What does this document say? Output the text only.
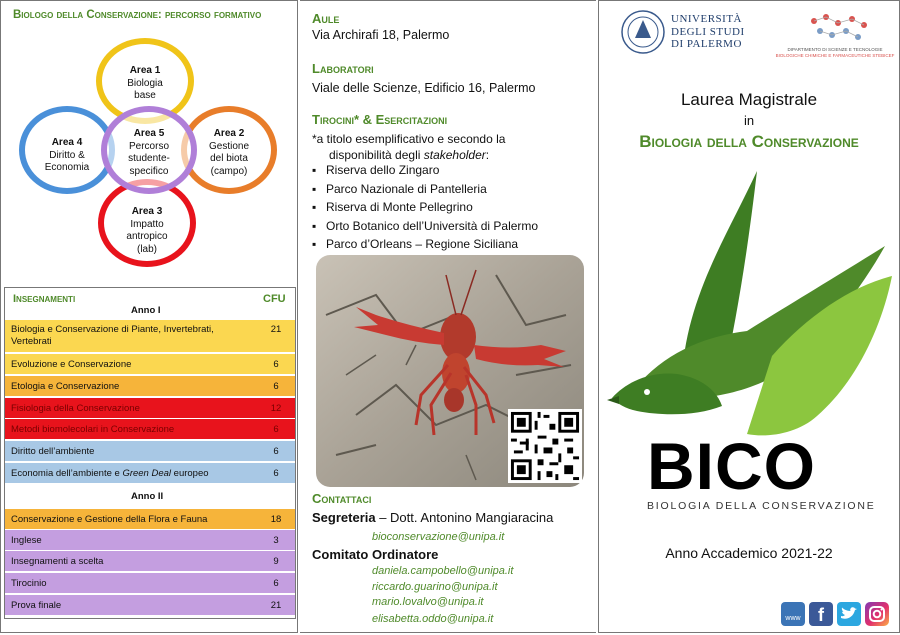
Biologo della Conservazione: percorso formativo
Area 1
Biologia
base
Area 2
Gestione
del biota
(campo)
Area 3
Impatto
antropico
(lab)
Area 4
Diritto &
Economia
Area 5
Percorso
studente-
specifico
Insegnamenti	CFU
Anno I
Biologia e Conservazione di Piante, Invertebrati, Vertebrati
21
Evoluzione e Conservazione	6
Etologia e Conservazione	6
Fisiologia della Conservazione	12
Metodi biomolecolari in Conservazione	6
Diritto dell’ambiente	6
Economia dell’ambiente e Green Deal europeo	6
Anno II
Conservazione e Gestione della Flora e Fauna	18
Inglese	3
Insegnamenti a scelta	9
Tirocinio	6
Prova finale	21
Aule
Via Archirafi 18, Palermo
Laboratori
Viale delle Scienze, Edificio 16, Palermo
Tirocini* & Esercitazioni
*a titolo esemplificativo e secondo la
disponibilità degli stakeholder:
▪ Riserva dello Zingaro
▪ Parco Nazionale di Pantelleria
▪ Riserva di Monte Pellegrino
▪ Orto Botanico dell’Università di Palermo
▪ Parco d’Orleans – Regione Siciliana
Contattaci
Segreteria – Dott. Antonino Mangiaracina
bioconservazione@unipa.it
Comitato Ordinatore
daniela.campobello@unipa.it
riccardo.guarino@unipa.it
mario.lovalvo@unipa.it
elisabetta.oddo@unipa.it
UNIVERSITÀ
DEGLI STUDI
DI PALERMO	DIPARTIMENTO DI SCIENZE E TECNOLOGIE
BIOLOGICHE CHIMICHE E FARMACEUTICHE STEBICEF
Laurea Magistrale
in
Biologia della Conservazione
BICO
BIOLOGIA DELLA CONSERVAZIONE
Anno Accademico 2021-22
www f
